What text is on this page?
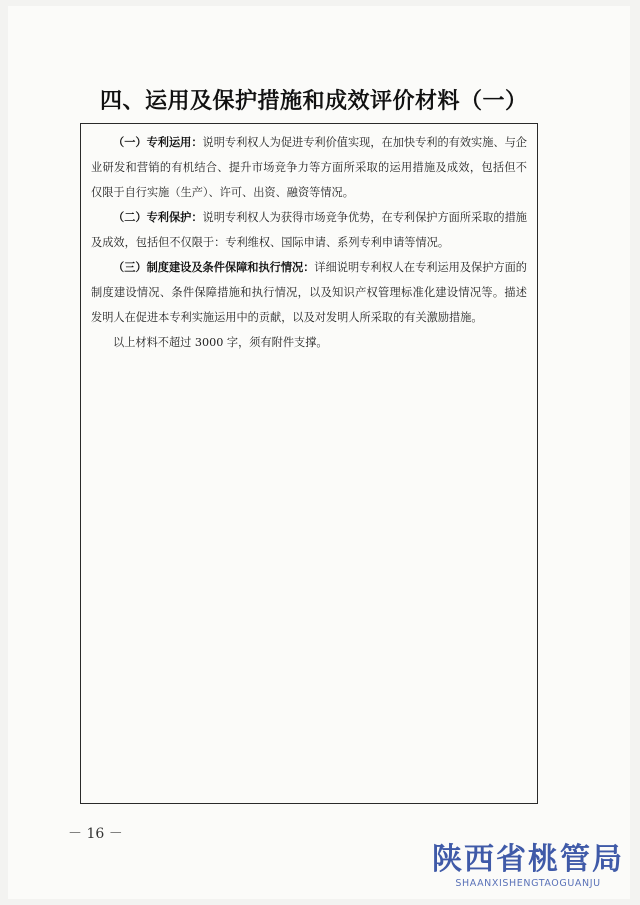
四、运用及保护措施和成效评价材料（一）

（一）专利运用：说明专利权人为促进专利价值实现，在加快专利的有效实施、与企业研发和营销的有机结合、提升市场竞争力等方面所采取的运用措施及成效，包括但不仅限于自行实施（生产）、许可、出资、融资等情况。

（二）专利保护：说明专利权人为获得市场竞争优势，在专利保护方面所采取的措施及成效，包括但不仅限于：专利维权、国际申请、系列专利申请等情况。

（三）制度建设及条件保障和执行情况：详细说明专利权人在专利运用及保护方面的制度建设情况、条件保障措施和执行情况，以及知识产权管理标准化建设情况等。描述发明人在促进本专利实施运用中的贡献，以及对发明人所采取的有关激励措施。

以上材料不超过 3000 字，须有附件支撑。

－ 16 －
陕西省桃管局
SHAANXISHENGTAOGUANJU
